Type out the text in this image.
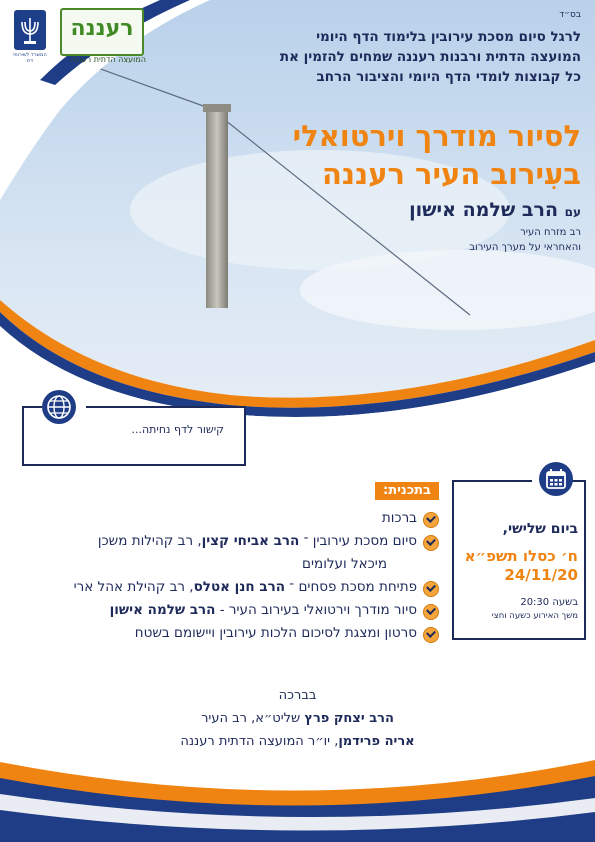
המשרד לשירותי דת
רעננה
המועצה הדתית רעננה
בס״ד
לרגל סיום מסכת עירובין בלימוד הדף היומי
המועצה הדתית ורבנות רעננה שמחים להזמין את
כל קבוצות לומדי הדף היומי והציבור הרחב
לסיור מודרך וירטואלי
בעִירוב העיר רעננה
עם הרב שלמה אישון
רב מזרח העיר
והאחראי על מערך העירוב
קישור לדף נחיתה...
בתכנית:
ברכות
סיום מסכת עירובין ־ הרב אביחי קצין, רב קהילות משכן
מיכאל ועלומים
פתיחת מסכת פסחים ־ הרב חנן אטלס, רב קהילת אהל ארי
סיור מודרך וירטואלי בעירוב העיר - הרב שלמה אישון
סרטון ומצגת לסיכום הלכות עירובין ויישומם בשטח
ביום שלישי,
ח׳ כסלו תשפ״א
24/11/20
בשעה 20:30
משך האירוע כשעה וחצי
בברכה
הרב יצחק פרץ שליט״א, רב העיר
אריה פרידמן, יו״ר המועצה הדתית רעננה
